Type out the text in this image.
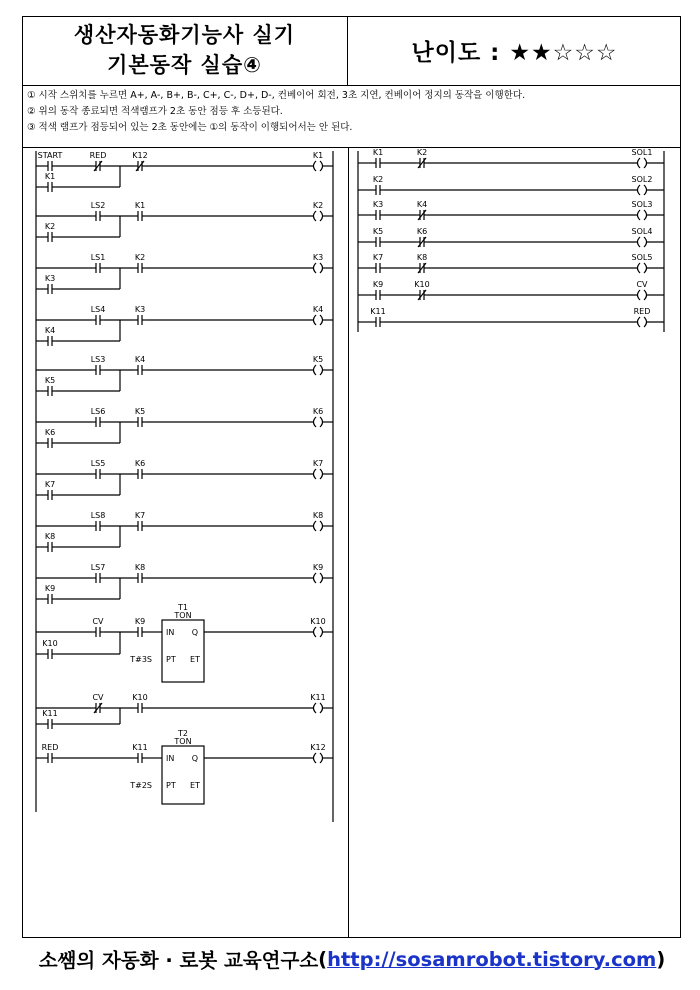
생산자동화기능사 실기
기본동작 실습④	난이도 : ★★☆☆☆
① 시작 스위치를 누르면 A+, A-, B+, B-, C+, C-, D+, D-, 컨베이어 회전, 3초 지연, 컨베이어 정지의 동작을 이행한다.
② 위의 동작 종료되면 적색램프가 2초 동안 점등 후 소등된다.
③ 적색 램프가 점등되어 있는 2초 동안에는 ①의 동작이 이행되어서는 안 된다.
START	RED	K12	K1
K1
LS2	K1	K2
K2
LS1	K2	K3
K3
LS4	K3	K4
K4
LS3	K4	K5
K5
LS6	K5	K6
K6
LS5	K6	K7
K7
LS8	K7	K8
K8
LS7	K8	K9
K9
CV	K9
T1
TON
IN Q
PT ET
T#3S
K10
K10
CV	K10	K11
K11
RED	K11
T2
TON
IN Q
PT ET
T#2S
K12
K1	K2	SOL1
K2	SOL2
K3	K4	SOL3
K5	K6	SOL4
K7	K8	SOL5
K9	K10	CV
K11	RED
소쌤의 자동화 · 로봇 교육연구소 ( http://sosamrobot.tistory.com )
